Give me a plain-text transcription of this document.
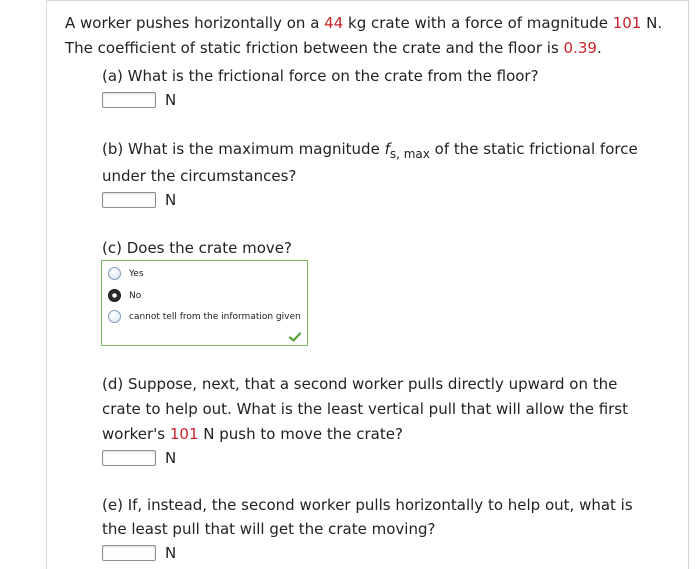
A worker pushes horizontally on a 44 kg crate with a force of magnitude 101 N. The coefficient of static friction between the crate and the floor is 0.39.
(a) What is the frictional force on the crate from the floor?
N
(b) What is the maximum magnitude $f_{s, max}$ of the static frictional force
under the circumstances?
N
(c) Does the crate move?
Yes
No
cannot tell from the information given
(d) Suppose, next, that a second worker pulls directly upward on the
crate to help out. What is the least vertical pull that will allow the first
worker's 101 N push to move the crate?
N
(e) If, instead, the second worker pulls horizontally to help out, what is
the least pull that will get the crate moving?
N
